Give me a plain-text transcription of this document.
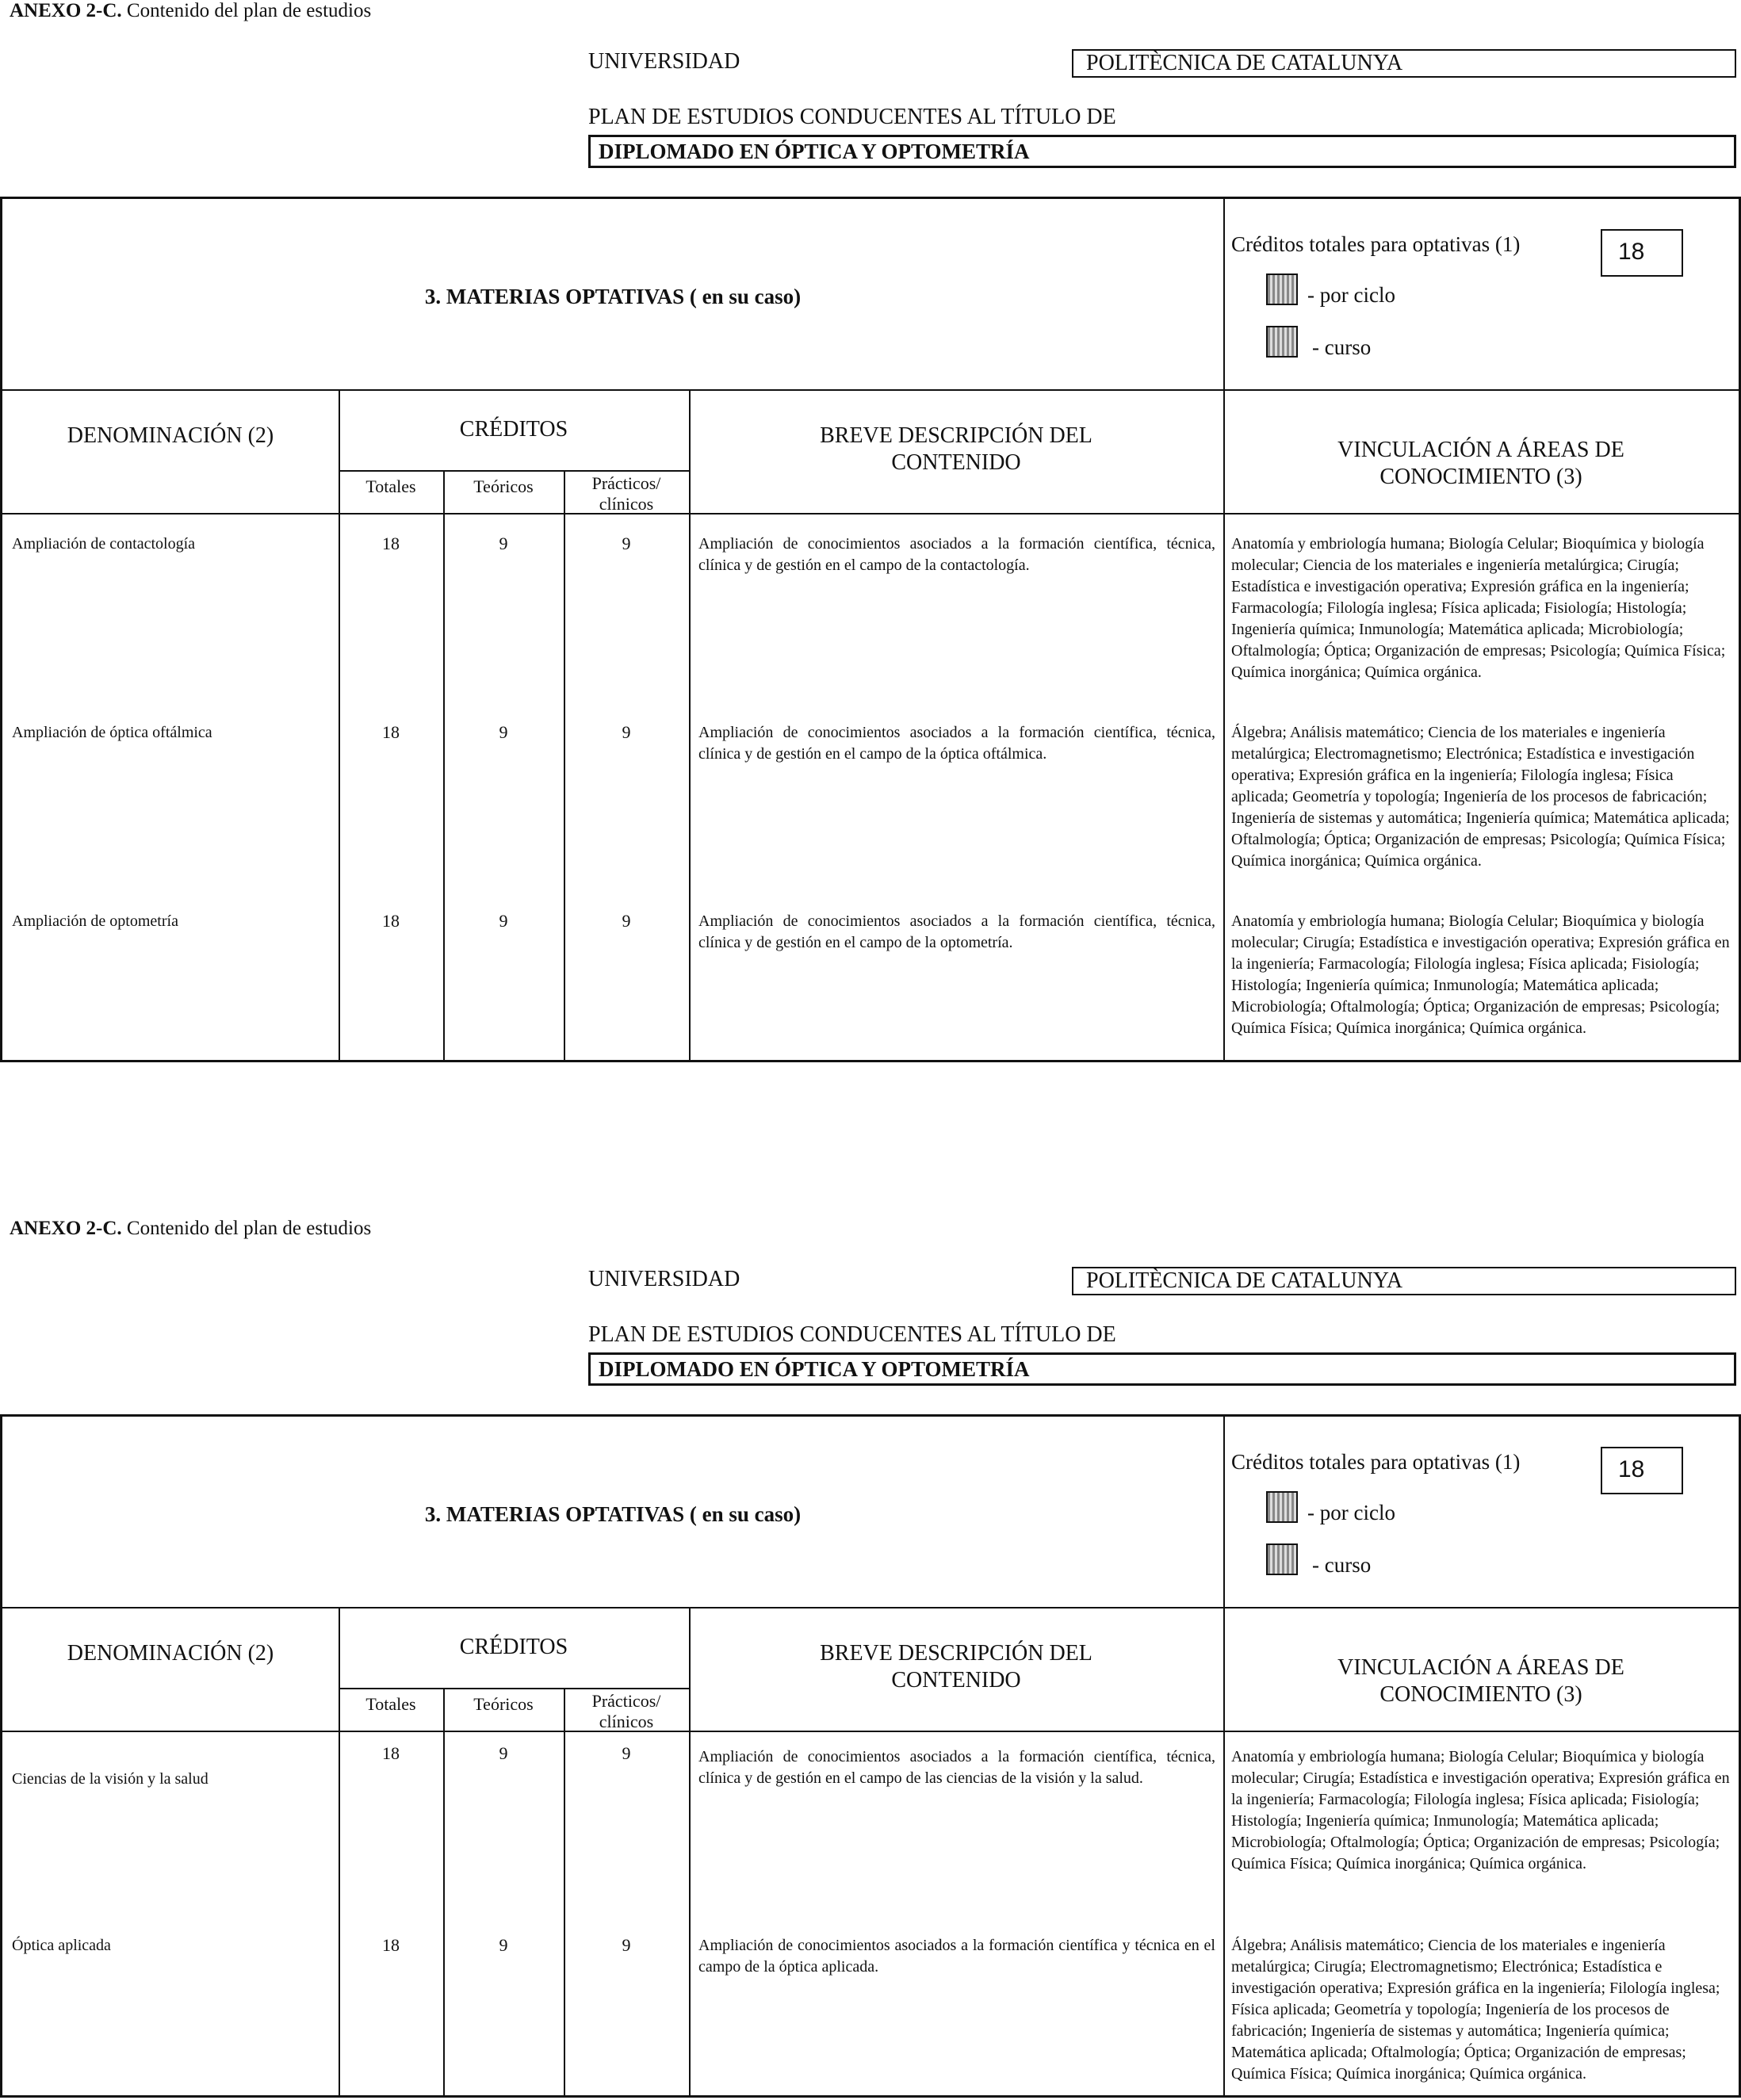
ANEXO 2-C. Contenido del plan de estudios
UNIVERSIDAD	POLITÈCNICA DE CATALUNYA
PLAN DE ESTUDIOS CONDUCENTES AL TÍTULO DE
DIPLOMADO EN ÓPTICA Y OPTOMETRÍA
3. MATERIAS OPTATIVAS ( en su caso)
Créditos totales para optativas (1)	18
- por ciclo
- curso
DENOMINACIÓN (2)	CRÉDITOS
Totales	Teóricos	Prácticos/
clínicos
BREVE DESCRIPCIÓN DEL
CONTENIDO
VINCULACIÓN A ÁREAS DE
CONOCIMIENTO (3)
Ampliación de contactología	18	9	9	Ampliación de conocimientos asociados a la formación científica, técnica, clínica y de gestión en el campo de la contactología.
Anatomía y embriología humana; Biología Celular; Bioquímica y biología molecular; Ciencia de los materiales e ingeniería metalúrgica; Cirugía; Estadística e investigación operativa; Expresión gráfica en la ingeniería; Farmacología; Filología inglesa; Física aplicada; Fisiología; Histología; Ingeniería química; Inmunología; Matemática aplicada; Microbiología; Oftalmología; Óptica; Organización de empresas; Psicología; Química Física; Química inorgánica; Química orgánica.
Ampliación de óptica oftálmica	18	9	9	Ampliación de conocimientos asociados a la formación científica, técnica, clínica y de gestión en el campo de la óptica oftálmica.
Álgebra; Análisis matemático; Ciencia de los materiales e ingeniería metalúrgica; Electromagnetismo; Electrónica; Estadística e investigación operativa; Expresión gráfica en la ingeniería; Filología inglesa; Física aplicada; Geometría y topología; Ingeniería de los procesos de fabricación; Ingeniería de sistemas y automática; Ingeniería química; Matemática aplicada; Oftalmología; Óptica; Organización de empresas; Psicología; Química Física; Química inorgánica; Química orgánica.
Ampliación de optometría	18	9	9	Ampliación de conocimientos asociados a la formación científica, técnica, clínica y de gestión en el campo de la optometría.
Anatomía y embriología humana; Biología Celular; Bioquímica y biología molecular; Cirugía; Estadística e investigación operativa; Expresión gráfica en la ingeniería; Farmacología; Filología inglesa; Física aplicada; Fisiología; Histología; Ingeniería química; Inmunología; Matemática aplicada; Microbiología; Oftalmología; Óptica; Organización de empresas; Psicología; Química Física; Química inorgánica; Química orgánica.
ANEXO 2-C. Contenido del plan de estudios
UNIVERSIDAD	POLITÈCNICA DE CATALUNYA
PLAN DE ESTUDIOS CONDUCENTES AL TÍTULO DE
DIPLOMADO EN ÓPTICA Y OPTOMETRÍA
3. MATERIAS OPTATIVAS ( en su caso)
Créditos totales para optativas (1)	18
- por ciclo
- curso
DENOMINACIÓN (2)	CRÉDITOS
Totales	Teóricos	Prácticos/
clínicos
BREVE DESCRIPCIÓN DEL
CONTENIDO
VINCULACIÓN A ÁREAS DE
CONOCIMIENTO (3)
Ciencias de la visión y la salud
18	9	9	Ampliación de conocimientos asociados a la formación científica, técnica, clínica y de gestión en el campo de las ciencias de la visión y la salud.
Anatomía y embriología humana; Biología Celular; Bioquímica y biología molecular; Cirugía; Estadística e investigación operativa; Expresión gráfica en la ingeniería; Farmacología; Filología inglesa; Física aplicada; Fisiología; Histología; Ingeniería química; Inmunología; Matemática aplicada; Microbiología; Oftalmología; Óptica; Organización de empresas; Psicología; Química Física; Química inorgánica; Química orgánica.
Óptica aplicada	18	9	9	Ampliación de conocimientos asociados a la formación científica y técnica en el campo de la óptica aplicada.
Álgebra; Análisis matemático; Ciencia de los materiales e ingeniería metalúrgica; Cirugía; Electromagnetismo; Electrónica; Estadística e investigación operativa; Expresión gráfica en la ingeniería; Filología inglesa; Física aplicada; Geometría y topología; Ingeniería de los procesos de fabricación; Ingeniería de sistemas y automática; Ingeniería química; Matemática aplicada; Oftalmología; Óptica; Organización de empresas; Química Física; Química inorgánica; Química orgánica.
